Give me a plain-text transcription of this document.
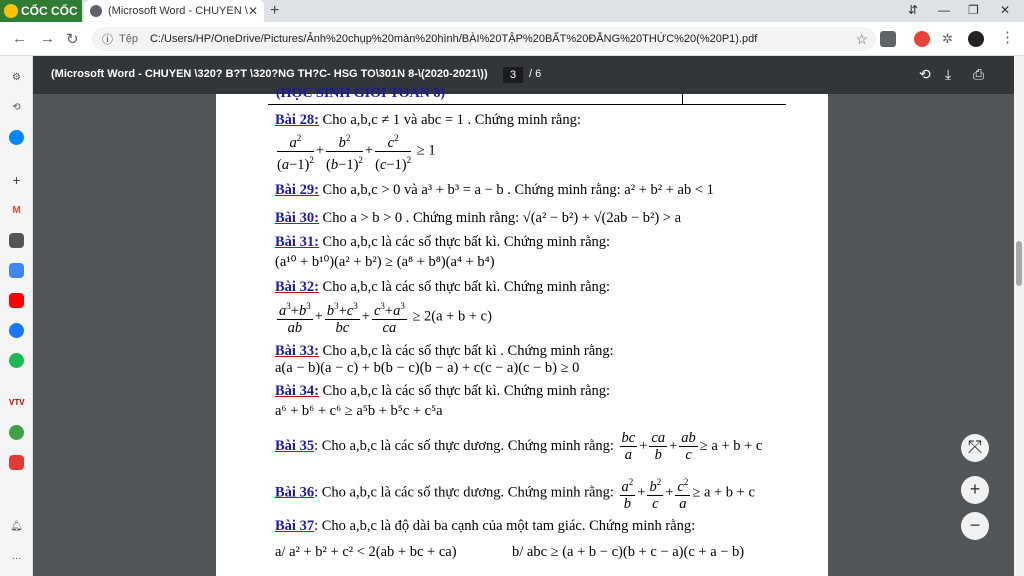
CỐC CỐC	(Microsoft Word - CHUYEN \ ✕ +	⇵ — ❐ ✕
← → ↻ ⓘ Tệp C:/Users/HP/OneDrive/Pictures/Ảnh%20chụp%20màn%20hình/BÀI%20TẬP%20BẤT%20ĐẲNG%20THỨC%20(%20P1).pdf	☆	✲	⋮
⚙
⟲
+
M
VTV
🔔︎
…
(Microsoft Word - CHUYEN \320? B?T \320?NG TH?C- HSG TO\301N 8-\(2020-2021\))	3	/ 6	⟲ ⤓ ⎙
(HỌC SINH GIỎI TOÁN 8)
Bài 28: Cho a,b,c ≠ 1 và abc = 1 . Chứng minh rằng:
$\frac{a^2}{(a-1)^2} + \frac{b^2}{(b-1)^2} + \frac{c^2}{(c-1)^2} \ge 1$
Bài 29: Cho a,b,c > 0 và a³ + b³ = a − b . Chứng minh rằng: a² + b² + ab < 1
Bài 30: Cho a > b > 0 . Chứng minh rằng: √(a² − b²) + √(2ab − b²) > a
Bài 31: Cho a,b,c là các số thực bất kì. Chứng minh rằng:
(a¹⁰ + b¹⁰)(a² + b²) ≥ (a⁸ + b⁸)(a⁴ + b⁴)
Bài 32: Cho a,b,c là các số thực bất kì. Chứng minh rằng:
$\frac{a^3+b^3}{ab} + \frac{b^3+c^3}{bc} + \frac{c^3+a^3}{ca} \ge 2(a + b + c)$
Bài 33: Cho a,b,c là các số thực bất kì . Chứng minh rằng:
a(a − b)(a − c) + b(b − c)(b − a) + c(c − a)(c − b) ≥ 0
Bài 34: Cho a,b,c là các số thực bất kì. Chứng minh rằng:
a⁶ + b⁶ + c⁶ ≥ a⁵b + b⁵c + c⁵a
Bài 35: Cho a,b,c là các số thực dương. Chứng minh rằng: $\frac{bc}{a} + \frac{ca}{b} + \frac{ab}{c} \ge a + b + c$
Bài 36: Cho a,b,c là các số thực dương. Chứng minh rằng: $\frac{a^2}{b} + \frac{b^2}{c} + \frac{c^2}{a} \ge a + b + c$
Bài 37: Cho a,b,c là độ dài ba cạnh của một tam giác. Chứng minh rằng:
a/ a² + b² + c² < 2(ab + bc + ca)	b/ abc ≥ (a + b − c)(b + c − a)(c + a − b)
⤧
+
−
